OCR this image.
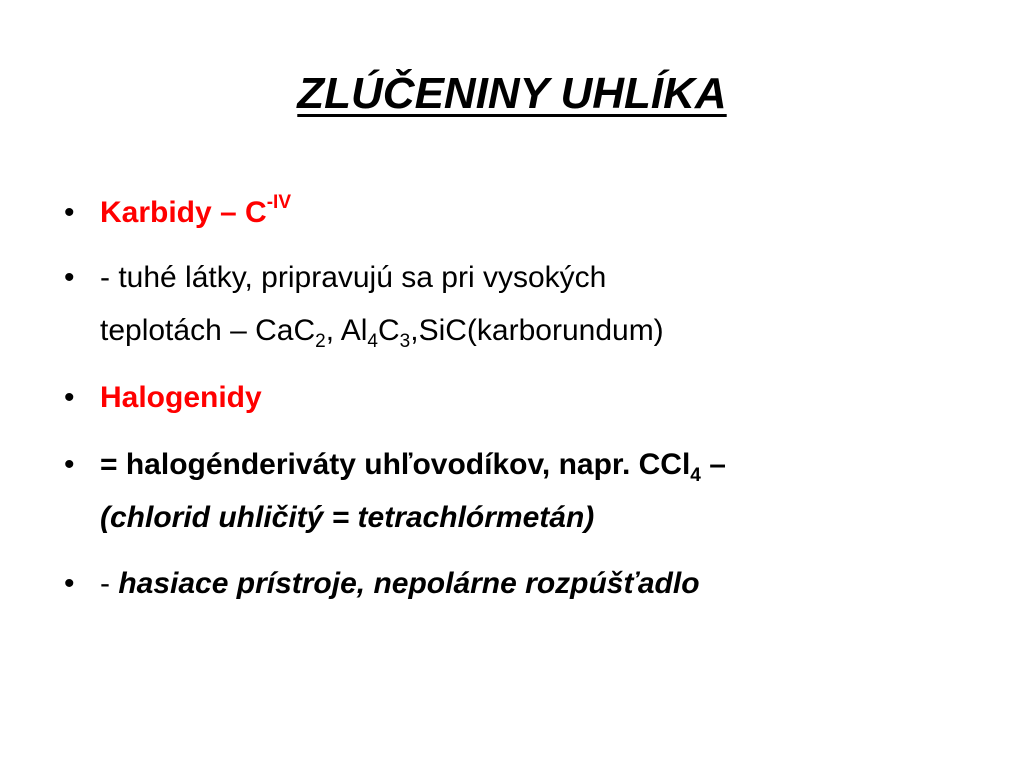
ZLÚČENINY UHLÍKA
• Karbidy – $C^{-IV}$
• - tuhé látky, pripravujú sa pri vysokých
teplotách – CaC$_2$, $Al_4C_3,SiC(karborundum)$
• Halogenidy
• = halogénderiváty uhľovodíkov, napr. CCl$_4$ –
(chlorid uhličitý = tetrachlórmetán)
• - hasiace prístroje, nepolárne rozpúšťadlo
